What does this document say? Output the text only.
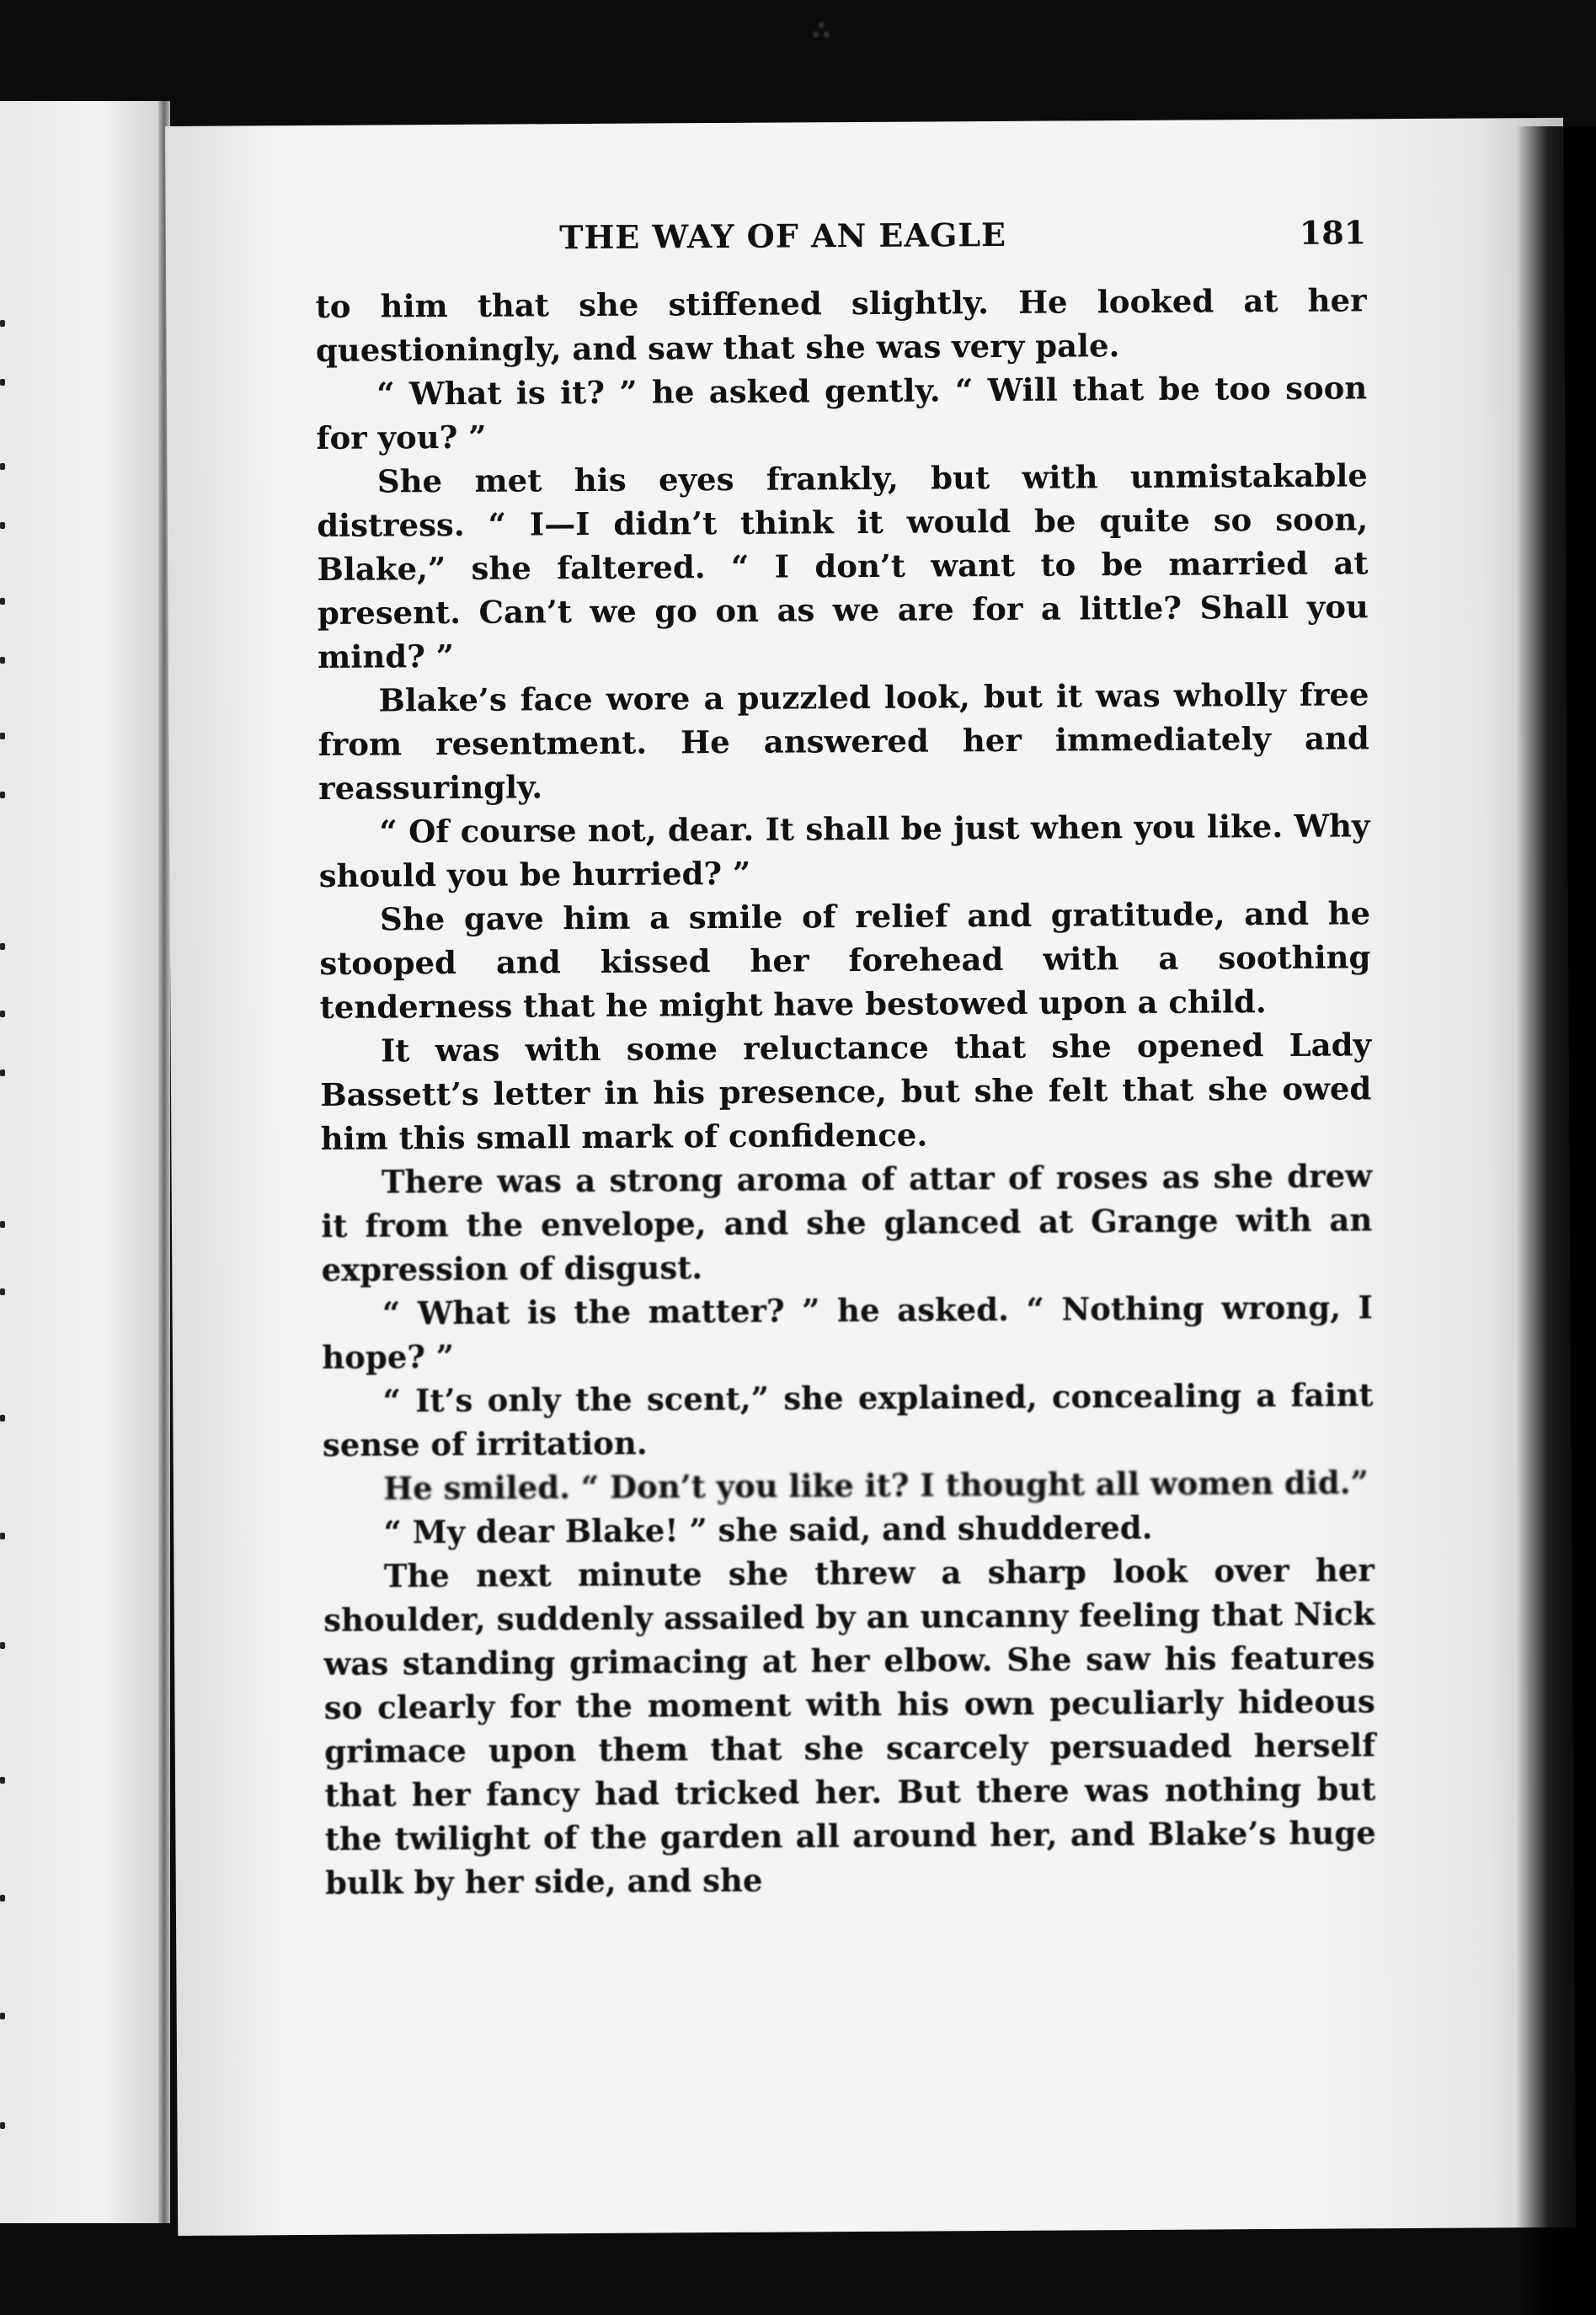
∴
THE WAY OF AN EAGLE	181

to him that she stiffened slightly. He looked at her questioningly, and saw that she was very pale.

“ What is it? ” he asked gently. “ Will that be too soon for you? ”

She met his eyes frankly, but with unmistakable distress. “ I—I didn’t think it would be quite so soon, Blake,” she faltered. “ I don’t want to be married at present. Can’t we go on as we are for a little? Shall you mind? ”

Blake’s face wore a puzzled look, but it was wholly free from resentment. He answered her immediately and reassuringly.

“ Of course not, dear. It shall be just when you like. Why should you be hurried? ”

She gave him a smile of relief and gratitude, and he stooped and kissed her forehead with a soothing tenderness that he might have bestowed upon a child.

It was with some reluctance that she opened Lady Bassett’s letter in his presence, but she felt that she owed him this small mark of confidence.

There was a strong aroma of attar of roses as she drew it from the envelope, and she glanced at Grange with an expression of disgust.

“ What is the matter? ” he asked. “ Nothing wrong, I hope? ”

“ It’s only the scent,” she explained, concealing a faint sense of irritation.

He smiled. “ Don’t you like it? I thought all women did.”

“ My dear Blake! ” she said, and shuddered.

The next minute she threw a sharp look over her shoulder, suddenly assailed by an uncanny feeling that Nick was standing grimacing at her elbow. She saw his features so clearly for the moment with his own peculiarly hideous grimace upon them that she scarcely persuaded herself that her fancy had tricked her. But there was nothing but the twilight of the garden all around her, and Blake’s huge bulk by her side, and she
